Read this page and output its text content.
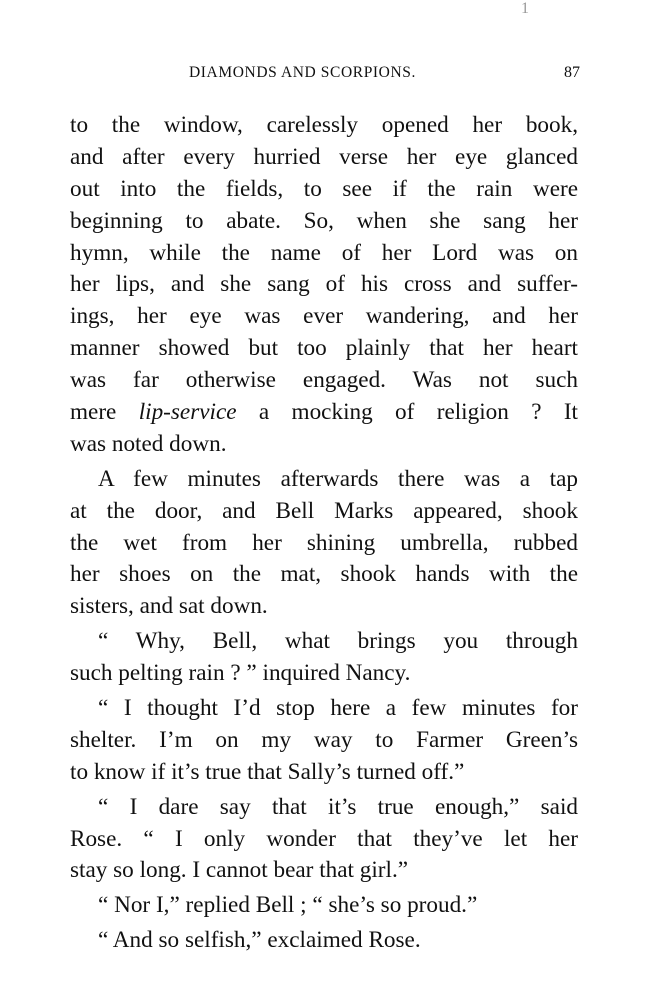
1
DIAMONDS AND SCORPIONS.	87
to the window, carelessly opened her book,
and after every hurried verse her eye glanced
out into the fields, to see if the rain were
beginning to abate. So, when she sang her
hymn, while the name of her Lord was on
her lips, and she sang of his cross and suffer-
ings, her eye was ever wandering, and her
manner showed but too plainly that her heart
was far otherwise engaged. Was not such
mere lip-service a mocking of religion ? It
was noted down.
A few minutes afterwards there was a tap
at the door, and Bell Marks appeared, shook
the wet from her shining umbrella, rubbed
her shoes on the mat, shook hands with the
sisters, and sat down.
“ Why, Bell, what brings you through
such pelting rain ? ” inquired Nancy.
“ I thought I’d stop here a few minutes for
shelter. I’m on my way to Farmer Green’s
to know if it’s true that Sally’s turned off.”
“ I dare say that it’s true enough,” said
Rose. “ I only wonder that they’ve let her
stay so long. I cannot bear that girl.”
“ Nor I,” replied Bell ; “ she’s so proud.”
“ And so selfish,” exclaimed Rose.
